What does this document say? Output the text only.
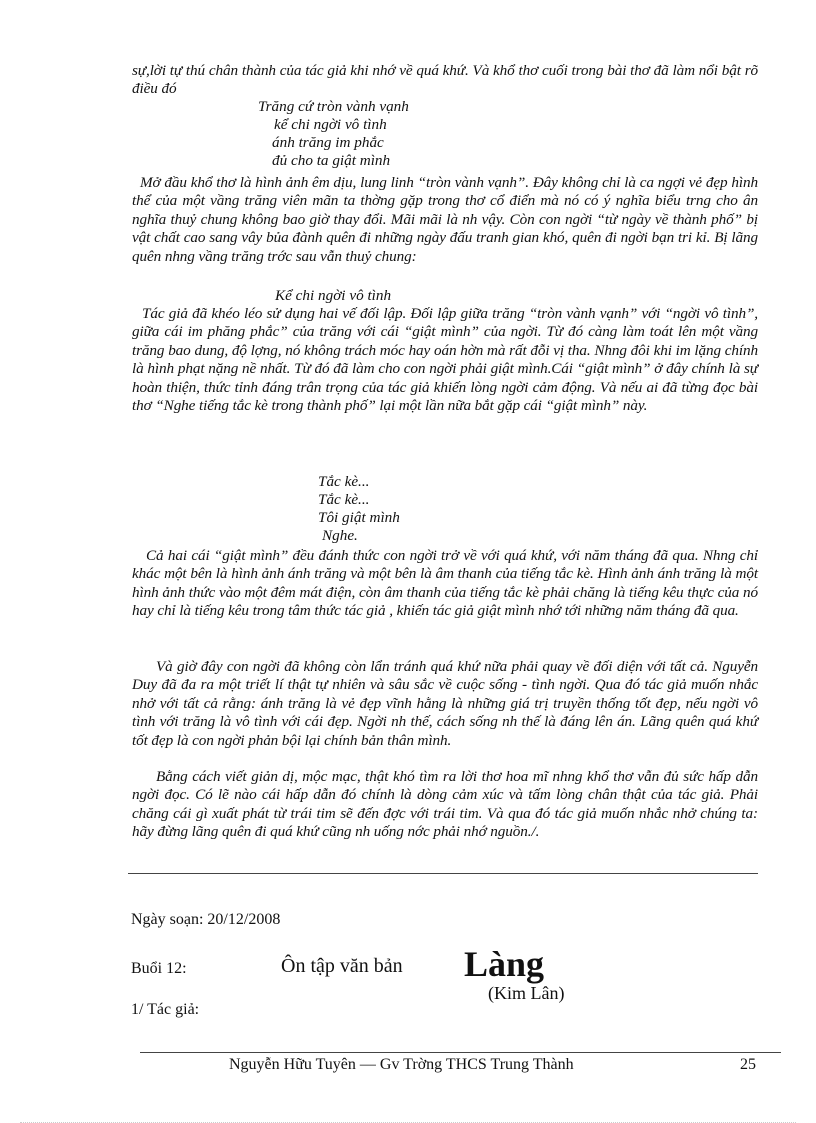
sự,lời tự thú chân thành của tác giả khi nhớ về quá khứ. Và khổ thơ cuối trong bài thơ đã làm nổi bật rõ điều đó

Trăng cứ tròn vành vạnh
kể chi ngời vô tình
ánh trăng im phắc
đủ cho ta giật mình

Mở đầu khổ thơ là hình ảnh êm dịu, lung linh “tròn vành vạnh”. Đây không chỉ là ca ngợi vẻ đẹp hình thể của một vầng trăng viên mãn ta thờng gặp trong thơ cổ điển mà nó có ý nghĩa biểu trng cho ân nghĩa thuỷ chung không bao giờ thay đổi. Mãi mãi là nh vậy. Còn con ngời “từ ngày về thành phố” bị vật chất cao sang vây bủa đành quên đi những ngày đấu tranh gian khó, quên đi ngời bạn tri kỉ. Bị lãng quên nhng vầng trăng trớc sau vẫn thuỷ chung:

Kể chi ngời vô tình

Tác giả đã khéo léo sử dụng hai vế đối lập. Đối lập giữa trăng “tròn vành vạnh” với “ngời vô tình”, giữa cái im phăng phắc” của trăng với cái “giật mình” của ngời. Từ đó càng làm toát lên một vầng trăng bao dung, độ lợng, nó không trách móc hay oán hờn mà rất đỗi vị tha. Nhng đôi khi im lặng chính là hình phạt nặng nề nhất. Từ đó đã làm cho con ngời phải giật mình.Cái “giật mình” ở đây chính là sự hoàn thiện, thức tỉnh đáng trân trọng của tác giả khiến lòng ngời cảm động. Và nếu ai đã từng đọc bài thơ “Nghe tiếng tắc kè trong thành phố” lại một lần nữa bắt gặp cái “giật mình” này.

Tắc kè...
Tắc kè...
Tôi giật mình
Nghe.

Cả hai cái “giật mình” đều đánh thức con ngời trở về với quá khứ, với năm tháng đã qua. Nhng chỉ khác một bên là hình ảnh ánh trăng và một bên là âm thanh của tiếng tắc kè. Hình ảnh ánh trăng là một hình ảnh thức vào một đêm mát điện, còn âm thanh của tiếng tắc kè phải chăng là tiếng kêu thực của nó hay chỉ là tiếng kêu trong tâm thức tác giả , khiến tác giả giật mình nhớ tới những năm tháng đã qua.

Và giờ đây con ngời đã không còn lẩn tránh quá khứ nữa phải quay về đối diện với tất cả. Nguyễn Duy đã đa ra một triết lí thật tự nhiên và sâu sắc về cuộc sống - tình ngời. Qua đó tác giả muốn nhắc nhở với tất cả rằng: ánh trăng là vẻ đẹp vĩnh hằng là những giá trị truyền thống tốt đẹp, nếu ngời vô tình với trăng là vô tình với cái đẹp. Ngời nh thế, cách sống nh thế là đáng lên án. Lãng quên quá khứ tốt đẹp là con ngời phản bội lại chính bản thân mình.

Bằng cách viết giản dị, mộc mạc, thật khó tìm ra lời thơ hoa mĩ nhng khổ thơ vẫn đủ sức hấp dẫn ngời đọc. Có lẽ nào cái hấp dẫn đó chính là dòng cảm xúc và tấm lòng chân thật của tác giả. Phải chăng cái gì xuất phát từ trái tim sẽ đến đợc với trái tim. Và qua đó tác giả muốn nhắc nhở chúng ta: hãy đừng lãng quên đi quá khứ cũng nh uống nớc phải nhớ nguồn./.

Ngày soạn: 20/12/2008
Buổi 12:	Ôn tập văn bản Làng
(Kim Lân)
1/ Tác giả:
Nguyễn Hữu Tuyên — Gv Trờng THCS Trung Thành	25
